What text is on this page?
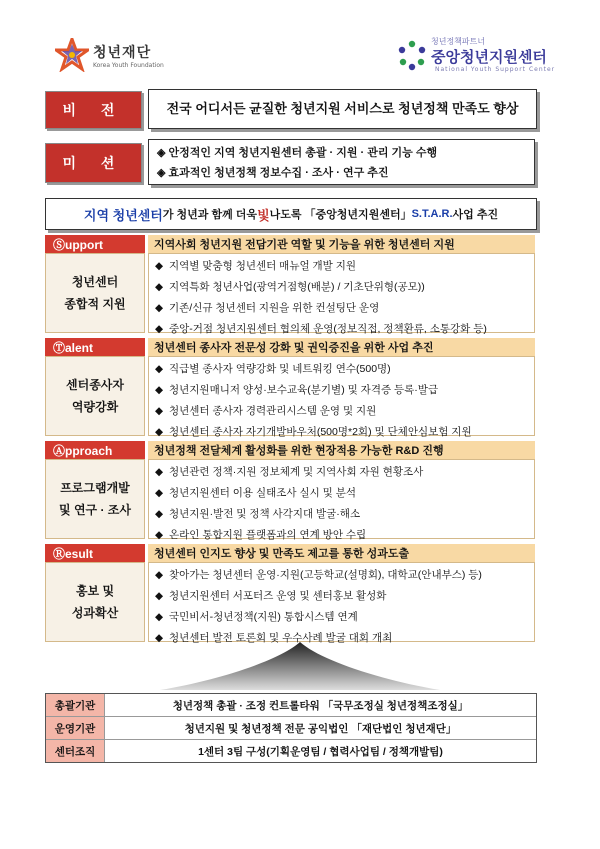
청년재단
Korea Youth Foundation
청년정책파트너
중앙청년지원센터
National Youth Support Center
비 전	전국 어디서든 균질한 청년지원 서비스로 청년정책 만족도 향상
미 션
◈ 안정적인 지역 청년지원센터 총괄 · 지원 · 관리 기능 수행
◈ 효과적인 청년정책 정보수집 · 조사 · 연구 추진
지역 청년센터 가 청년과 함께 더욱 빛 나도록 「중앙청년지원센터」 S.T.A.R. 사업 추진
Ⓢupport	지역사회 청년지원 전담기관 역할 및 기능을 위한 청년센터 지원
청년센터
종합적 지원
◆ 지역별 맞춤형 청년센터 매뉴얼 개발 지원
◆ 지역특화 청년사업(광역거점형(배분) / 기초단위형(공모))
◆ 기존/신규 청년센터 지원을 위한 컨설팅단 운영
◆ 중앙-거점 청년지원센터 협의체 운영(정보직접, 정책환류, 소통강화 등)
Ⓣalent	청년센터 종사자 전문성 강화 및 권익증진을 위한 사업 추진
센터종사자
역량강화
◆ 직급별 종사자 역량강화 및 네트워킹 연수(500명)
◆ 청년지원매니저 양성·보수교육(분기별) 및 자격증 등록·발급
◆ 청년센터 종사자 경력관리시스템 운영 및 지원
◆ 청년센터 종사자 자기개발바우처(500명*2회) 및 단체안심보험 지원
Ⓐpproach	청년정책 전달체계 활성화를 위한 현장적용 가능한 R&D 진행
프로그램개발
및 연구 · 조사
◆ 청년관련 정책·지원 정보체계 및 지역사회 자원 현황조사
◆ 청년지원센터 이용 실태조사 실시 및 분석
◆ 청년지원·발전 및 정책 사각지대 발굴·해소
◆ 온라인 통합지원 플랫폼과의 연계 방안 수립
Ⓡesult	청년센터 인지도 향상 및 만족도 제고를 통한 성과도출
홍보 및
성과확산
◆ 찾아가는 청년센터 운영·지원(고등학교(설명회), 대학교(안내부스) 등)
◆ 청년지원센터 서포터즈 운영 및 센터홍보 활성화
◆ 국민비서-청년정책(지원) 통합시스템 연계
◆ 청년센터 발전 토론회 및 우수사례 발굴 대회 개최
총괄기관	청년정책 총괄 · 조정 컨트롤타워 「국무조정실 청년정책조정실」
운영기관	청년지원 및 청년정책 전문 공익법인 「재단법인 청년재단」
센터조직	1센터 3팀 구성(기획운영팀 / 협력사업팀 / 정책개발팀)
